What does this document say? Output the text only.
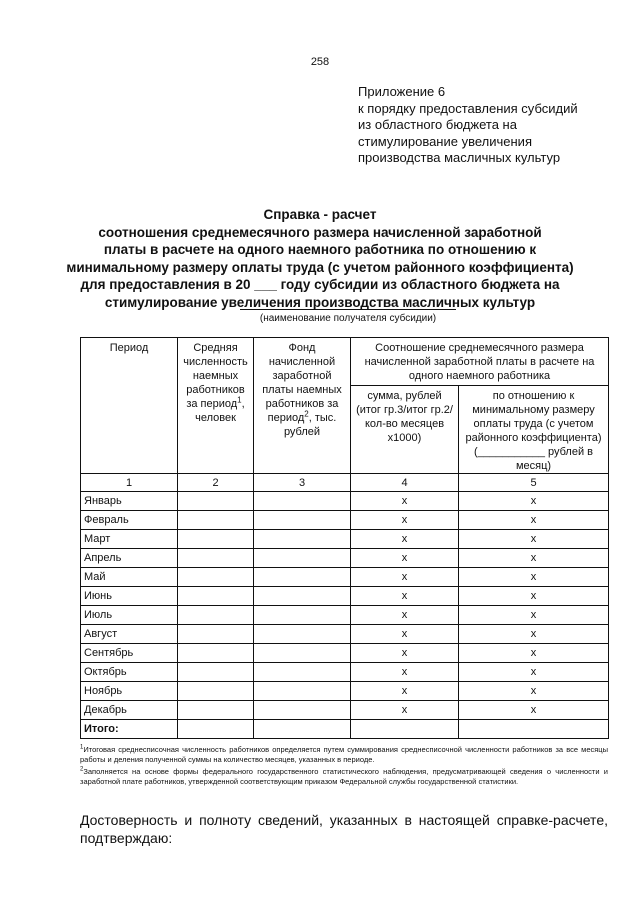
258
Приложение 6
к порядку предоставления субсидий
из областного бюджета на
стимулирование увеличения
производства масличных культур
Справка - расчет
соотношения среднемесячного размера начисленной заработной
платы в расчете на одного наемного работника по отношению к
минимальному размеру оплаты труда (с учетом районного коэффициента)
для предоставления в 20 ___ году субсидии из областного бюджета на
стимулирование увеличения производства масличных культур
(наименование получателя субсидии)
Период	Средняя численность наемных работников за период$^1$, человек	Фонд начисленной заработной платы наемных работников за период$^2$, тыс. рублей	Соотношение среднемесячного размера начисленной заработной платы в расчете на одного наемного работника	
			сумма, рублей (итог гр.3/итог гр.2/кол-во месяцев х1000)	по отношению к минимальному размеру оплаты труда (с учетом районного коэффициента) (___________ рублей в месяц)
1	2	3	4	5
Январь			x	x
Февраль			x	x
Март			x	x
Апрель			x	x
Май			x	x
Июнь			x	x
Июль			x	x
Август			x	x
Сентябрь			x	x
Октябрь			x	x
Ноябрь			x	x
Декабрь			x	x
Итого:				

$^1$Итоговая среднесписочная численность работников определяется путем суммирования среднесписочной численности работников за все месяцы работы и деления полученной суммы на количество месяцев, указанных в периоде.

$^2$Заполняется на основе формы федерального государственного статистического наблюдения, предусматривающей сведения о численности и заработной плате работников, утвержденной соответствующим приказом Федеральной службы государственной статистики.

Достоверность и полноту сведений, указанных в настоящей справке-расчете, подтверждаю:
